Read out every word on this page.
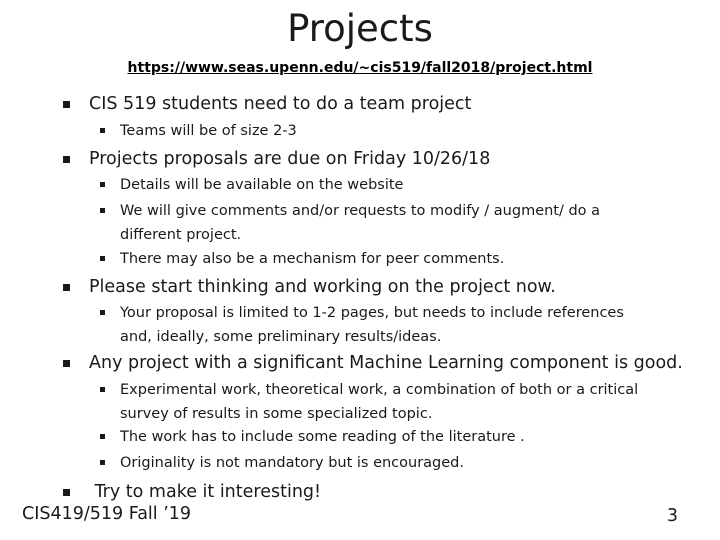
Projects
https://www.seas.upenn.edu/~cis519/fall2018/project.html
CIS 519 students need to do a team project
Teams will be of size 2-3
Projects proposals are due on Friday 10/26/18
Details will be available on the website
We will give comments and/or requests to modify / augment/ do a different project.
There may also be a mechanism for peer comments.
Please start thinking and working on the project now.
Your proposal is limited to 1-2 pages, but needs to include references and, ideally, some preliminary results/ideas.
Any project with a significant Machine Learning component is good.
Experimental work, theoretical work, a combination of both or a critical survey of results in some specialized topic.
The work has to include some reading of the literature .
Originality is not mandatory but is encouraged.
Try to make it interesting!
CIS419/519 Fall ’19	3
